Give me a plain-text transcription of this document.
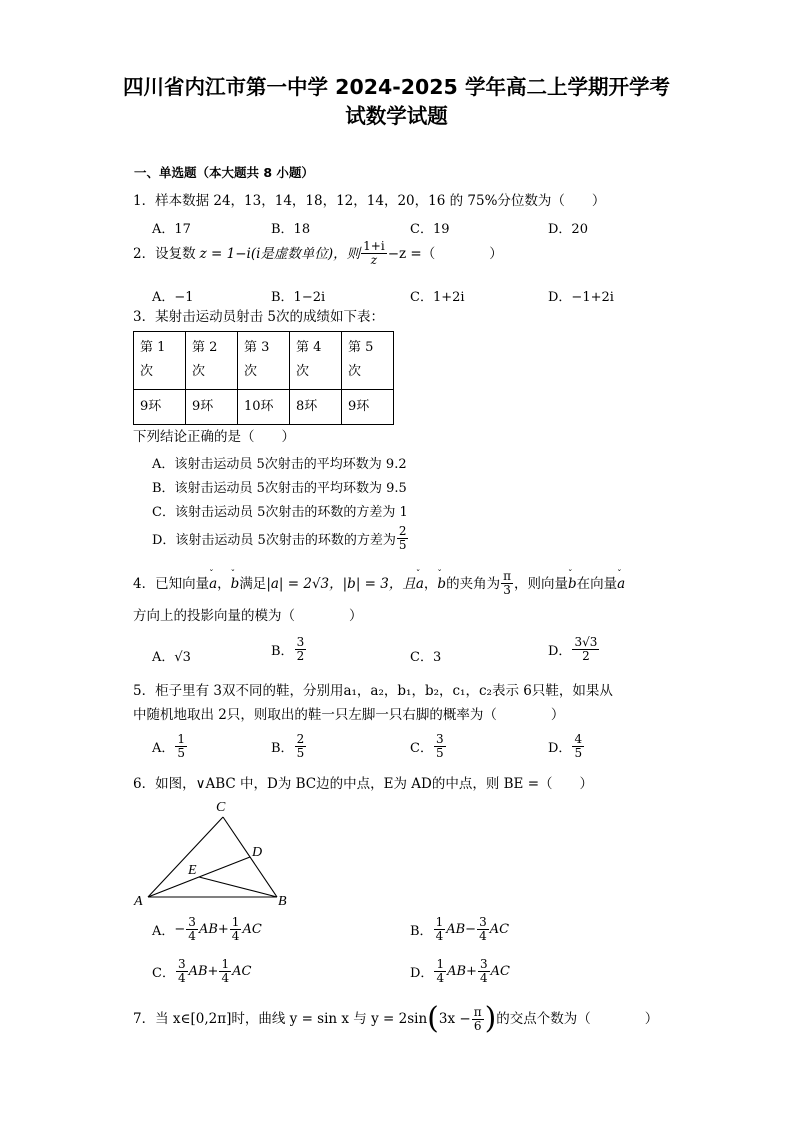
四川省内江市第一中学 2024-2025 学年高二上学期开学考
试数学试题
一、单选题（本大题共 8 小题）
1．样本数据 24，13，14，18，12，14，20，16 的 75%分位数为（　　）
A．17	B．18	C．19	D．20
2．设复数 z = 1−i(i是虚数单位)，则 $\frac{1+i}{z} -z$ =（　　　　）
A．−1	B．1−2i	C．1+2i	D．−1+2i
3．某射击运动员射击 5次的成绩如下表：
第 1
次	第 2
次	第 3
次	第 4
次	第 5
次
9环	9环	10环	8环	9环
下列结论正确的是（　　）
A．该射击运动员 5次射击的平均环数为 9.2
B．该射击运动员 5次射击的平均环数为 9.5
C．该射击运动员 5次射击的环数的方差为 1
D．该射击运动员 5次射击的环数的方差为 $\frac{2}{5}$
4．已知向量 ˇ a ， ˇ b 满足 |a| = 2√3，|b| = 3，且 ˇ a ， ˇ b 的夹角为 $\frac{\pi}{3}$ ，则向量 ˇ b 在向量 ˇ a
方向上的投影向量的模为（　　　　）
A．√3	B． $\frac{3}{2}$	C．3	D． $\frac{3√3}{2}$
5．柜子里有 3双不同的鞋，分别用a₁，a₂，b₁，b₂，c₁，c₂表示 6只鞋，如果从
中随机地取出 2只，则取出的鞋一只左脚一只右脚的概率为（　　　　）
A． $\frac{1}{5}$	B． $\frac{2}{5}$	C． $\frac{3}{5}$	D． $\frac{4}{5}$
6．如图，∨ABC 中，D为 BC边的中点，E为 AD的中点，则 BE =（　　）
C
D
E
A	B
A． − $\frac{3}{4}$ AB + $\frac{1}{4}$ AC	B． $\frac{1}{4}$ AB − $\frac{3}{4}$ AC
C． $\frac{3}{4}$ AB + $\frac{1}{4}$ AC	D． $\frac{1}{4}$ AB + $\frac{3}{4}$ AC
7．当 x∈[0,2π]时，曲线 y = sin x 与 y = 2sin ( $3x - \frac{\pi}{6}$ ) 的交点个数为（　　　　）
